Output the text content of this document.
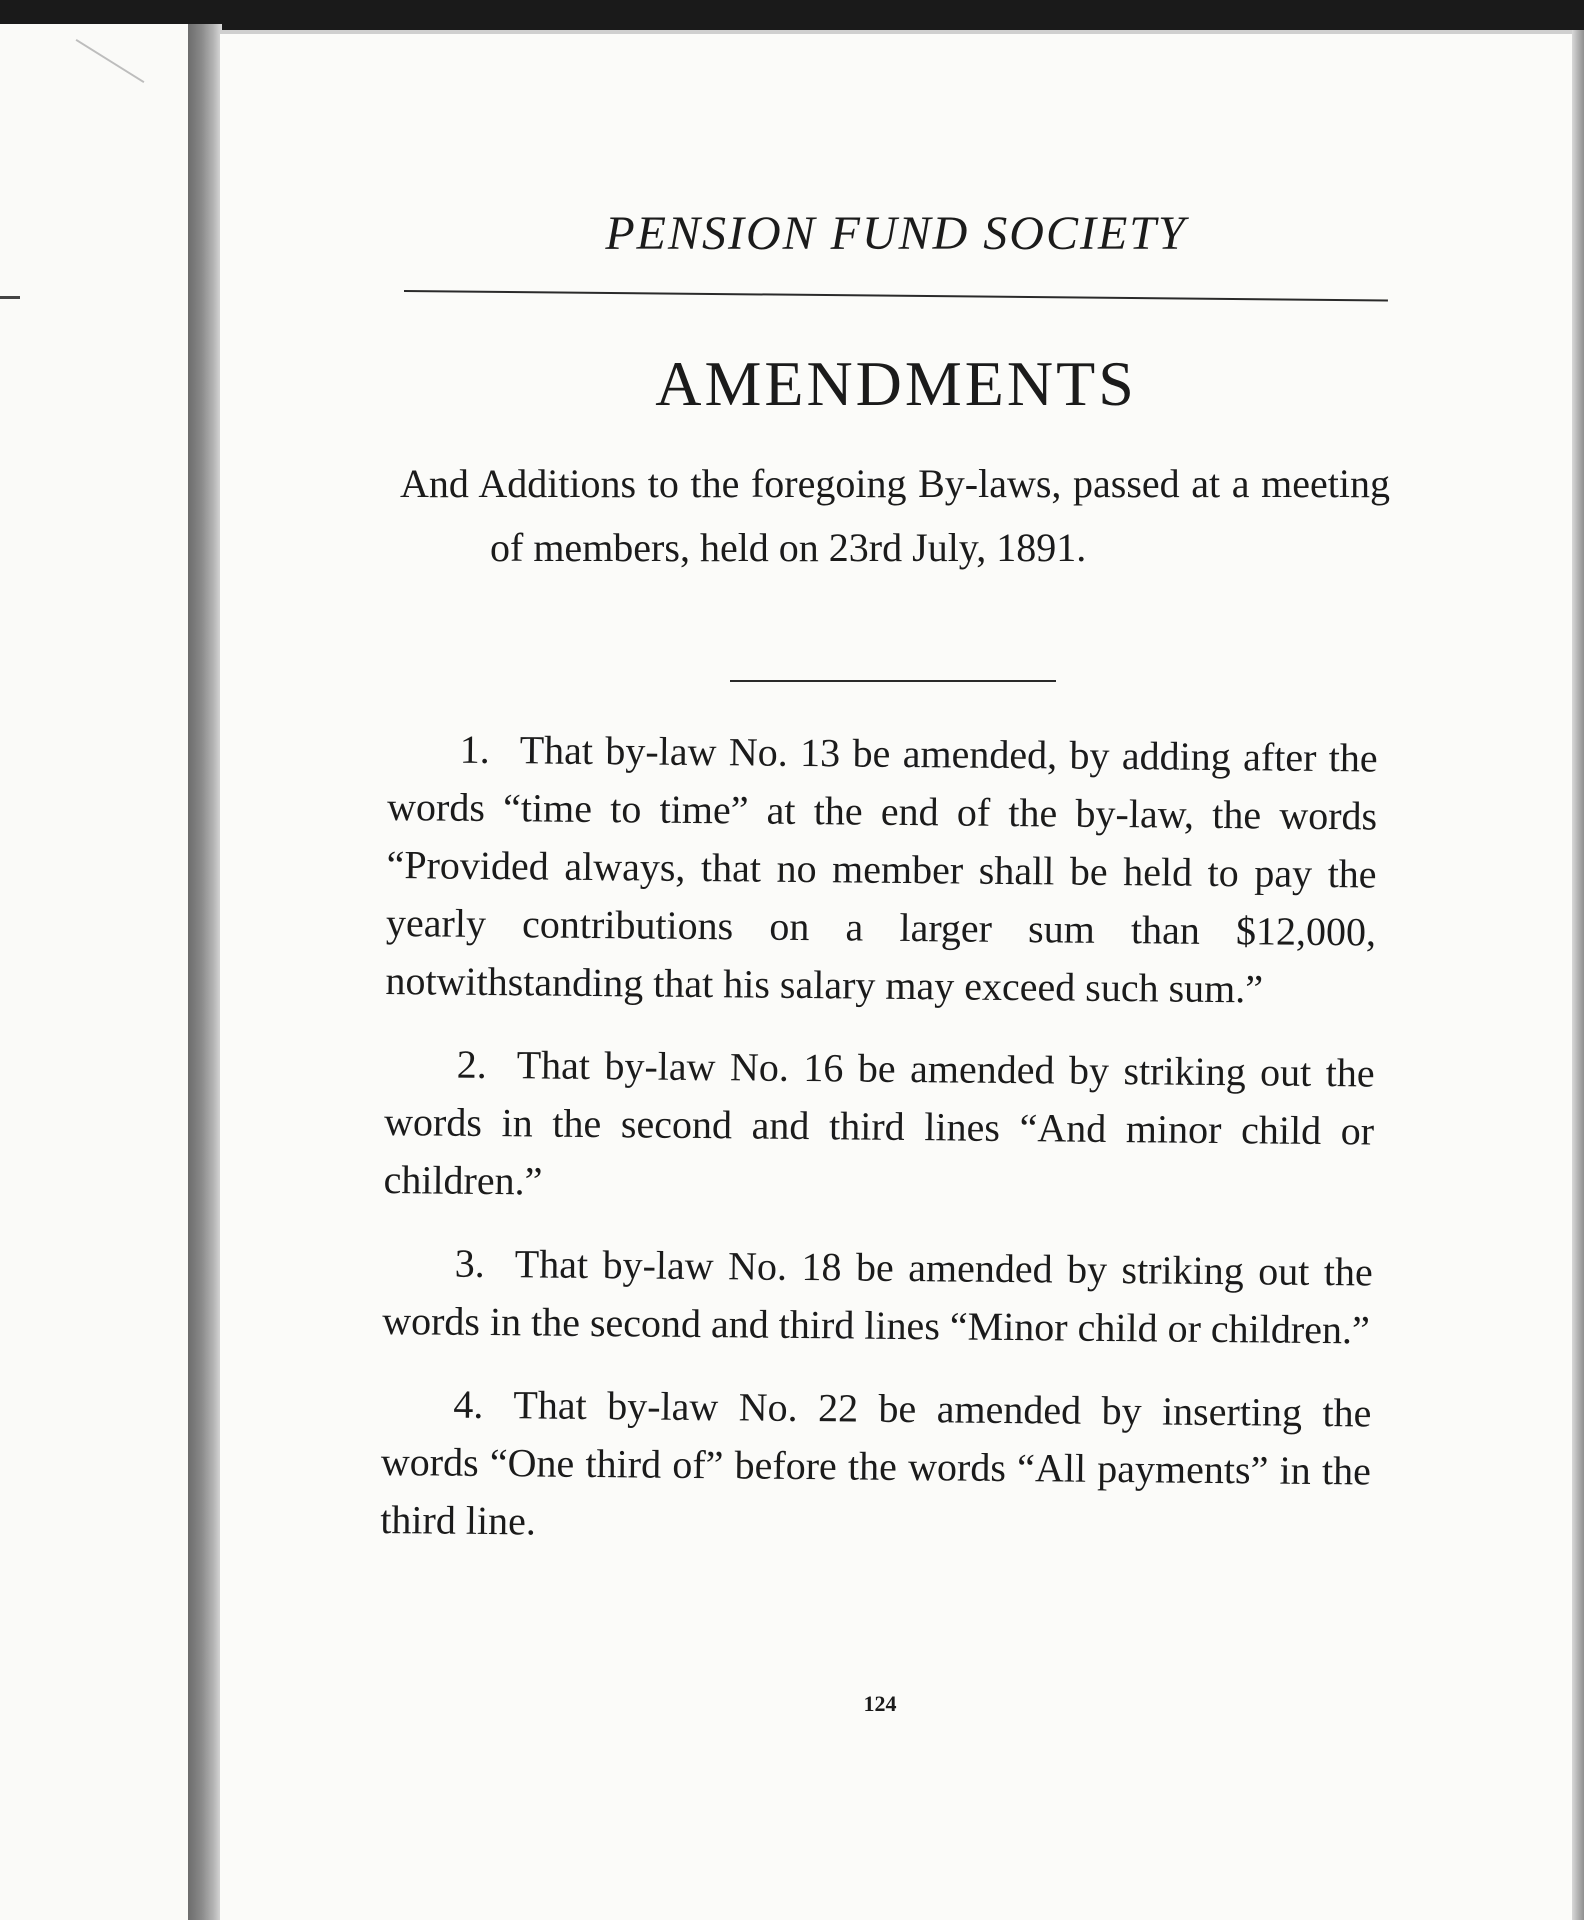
PENSION FUND SOCIETY
AMENDMENTS
And Additions to the foregoing By-laws, passed at a meeting of members, held on 23rd July, 1891.

1. That by-law No. 13 be amended, by adding after the words “time to time” at the end of the by-law, the words “Provided always, that no member shall be held to pay the yearly contributions on a larger sum than $12,000, notwithstanding that his salary may exceed such sum.”

2. That by-law No. 16 be amended by striking out the words in the second and third lines “And minor child or children.”

3. That by-law No. 18 be amended by striking out the words in the second and third lines “Minor child or children.”

4. That by-law No. 22 be amended by inserting the words “One third of” before the words “All payments” in the third line.

124
